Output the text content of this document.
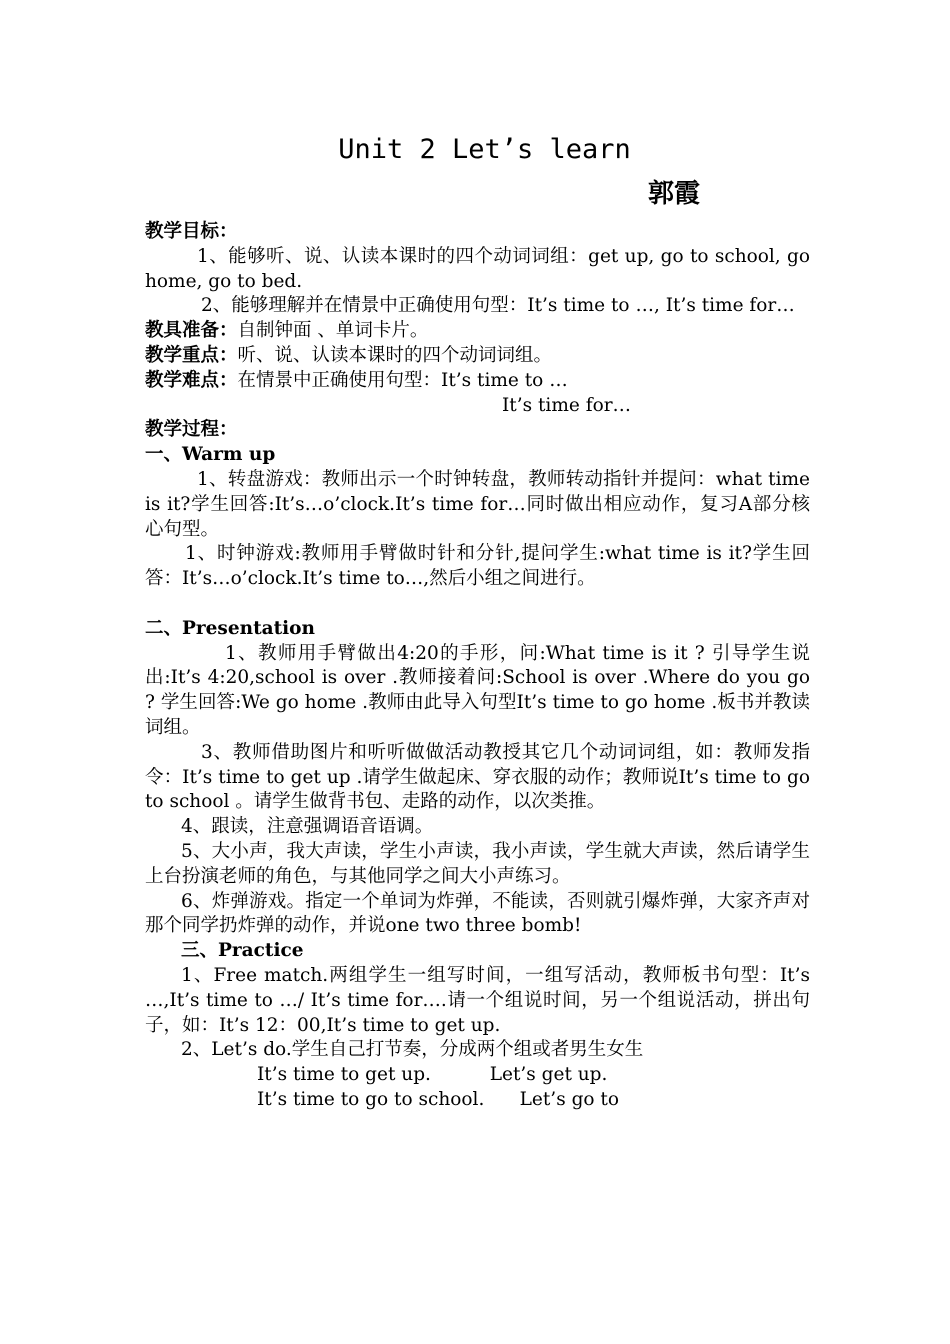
Unit 2 Let’s learn
郭霞
教学目标：

1、能够听、说、认读本课时的四个动词词组：get up, go to school, go home, go to bed.

2、能够理解并在情景中正确使用句型：It’s time to …, It’s time for…

教具准备：自制钟面 、单词卡片。

教学重点：听、说、认读本课时的四个动词词组。

教学难点：在情景中正确使用句型：It’s time to …

It’s time for…

教学过程：
一、Warm up

1、转盘游戏：教师出示一个时钟转盘，教师转动指针并提问：what time is it?学生回答:It’s…o’clock.It’s time for…同时做出相应动作，复习A部分核心句型。

1、时钟游戏:教师用手臂做时针和分针,提问学生:what time is it?学生回答：It’s…o’clock.It’s time to…,然后小组之间进行。

二、Presentation

1、教师用手臂做出4:20的手形，问:What time is it ? 引导学生说出:It’s 4:20,school is over .教师接着问:School is over .Where do you go ? 学生回答:We go home .教师由此导入句型It’s time to go home .板书并教读词组。

3、教师借助图片和听听做做活动教授其它几个动词词组，如：教师发指令：It’s time to get up .请学生做起床、穿衣服的动作；教师说It’s time to go to school 。请学生做背书包、走路的动作，以次类推。

4、跟读，注意强调语音语调。

5、大小声，我大声读，学生小声读，我小声读，学生就大声读，然后请学生上台扮演老师的角色，与其他同学之间大小声练习。

6、炸弹游戏。指定一个单词为炸弹，不能读，否则就引爆炸弹，大家齐声对那个同学扔炸弹的动作，并说one two three bomb!

三、Practice

1、Free match.两组学生一组写时间，一组写活动，教师板书句型：It’s …,It’s time to …/ It’s time for….请一个组说时间，另一个组说活动，拼出句子，如：It’s 12：00,It’s time to get up.

2、Let’s do.学生自己打节奏，分成两个组或者男生女生

It’s time to get up.	Let’s get up.

It’s time to go to school. Let’s go to
